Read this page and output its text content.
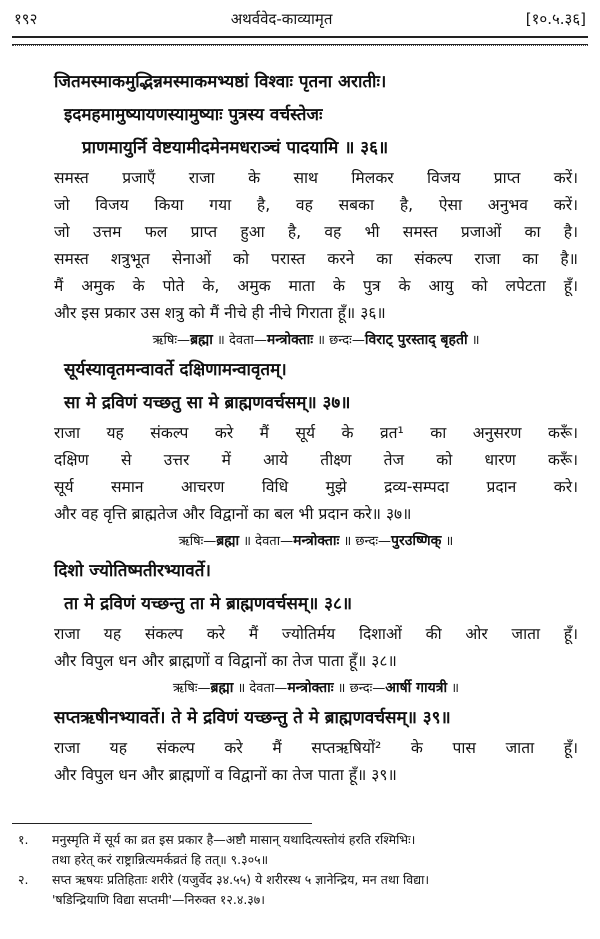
१९२	अथर्ववेद-काव्यामृत	[१०.५.३६]
जितमस्माकमुद्भिन्नमस्माकमभ्यष्ठां विश्वाः पृतना अरातीः।
इदमहमामुष्यायणस्यामुष्याः पुत्रस्य वर्चस्तेजः
प्राणमायुर्नि वेष्टयामीदमेनमधराञ्चं पादयामि ॥ ३६॥
समस्त प्रजाएँ राजा के साथ मिलकर विजय प्राप्त करें।
जो विजय किया गया है, वह सबका है, ऐसा अनुभव करें।
जो उत्तम फल प्राप्त हुआ है, वह भी समस्त प्रजाओं का है।
समस्त शत्रुभूत सेनाओं को परास्त करने का संकल्प राजा का है॥
मैं अमुक के पोते के, अमुक माता के पुत्र के आयु को लपेटता हूँ।
और इस प्रकार उस शत्रु को मैं नीचे ही नीचे गिराता हूँ॥ ३६॥
ऋषिः—ब्रह्मा ॥ देवता—मन्त्रोक्ताः ॥ छन्दः—विराट् पुरस्ताद् बृहती ॥
सूर्यस्यावृतमन्वावर्ते दक्षिणामन्वावृतम्।
सा मे द्रविणं यच्छतु सा मे ब्राह्मणवर्चसम्॥ ३७॥
राजा यह संकल्प करे मैं सूर्य के व्रत¹ का अनुसरण करूँ।
दक्षिण से उत्तर में आये तीक्ष्ण तेज को धारण करूँ।
सूर्य समान आचरण विधि मुझे द्रव्य-सम्पदा प्रदान करे।
और वह वृत्ति ब्राह्मतेज और विद्वानों का बल भी प्रदान करे॥ ३७॥
ऋषिः—ब्रह्मा ॥ देवता—मन्त्रोक्ताः ॥ छन्दः—पुरउष्णिक् ॥
दिशो ज्योतिष्मतीरभ्यावर्ते।
ता मे द्रविणं यच्छन्तु ता मे ब्राह्मणवर्चसम्॥ ३८॥
राजा यह संकल्प करे मैं ज्योतिर्मय दिशाओं की ओर जाता हूँ।
और विपुल धन और ब्राह्मणों व विद्वानों का तेज पाता हूँ॥ ३८॥
ऋषिः—ब्रह्मा ॥ देवता—मन्त्रोक्ताः ॥ छन्दः—आर्षी गायत्री ॥
सप्तऋषीनभ्यावर्ते। ते मे द्रविणं यच्छन्तु ते मे ब्राह्मणवर्चसम्॥ ३९॥
राजा यह संकल्प करे मैं सप्तऋषियों² के पास जाता हूँ।
और विपुल धन और ब्राह्मणों व विद्वानों का तेज पाता हूँ॥ ३९॥
१. मनुस्मृति में सूर्य का व्रत इस प्रकार है—अष्टौ मासान् यथादित्यस्तोयं हरति रश्मिभिः।
तथा हरेत् करं राष्ट्रान्नित्यमर्कव्रतं हि तत्॥ ९.३०५॥
२. सप्त ऋषयः प्रतिहिताः शरीरे (यजुर्वेद ३४.५५) ये शरीरस्थ ५ ज्ञानेन्द्रिय, मन तथा विद्या।
'षडिन्द्रियाणि विद्या सप्तमी'—निरुक्त १२.४.३७।
